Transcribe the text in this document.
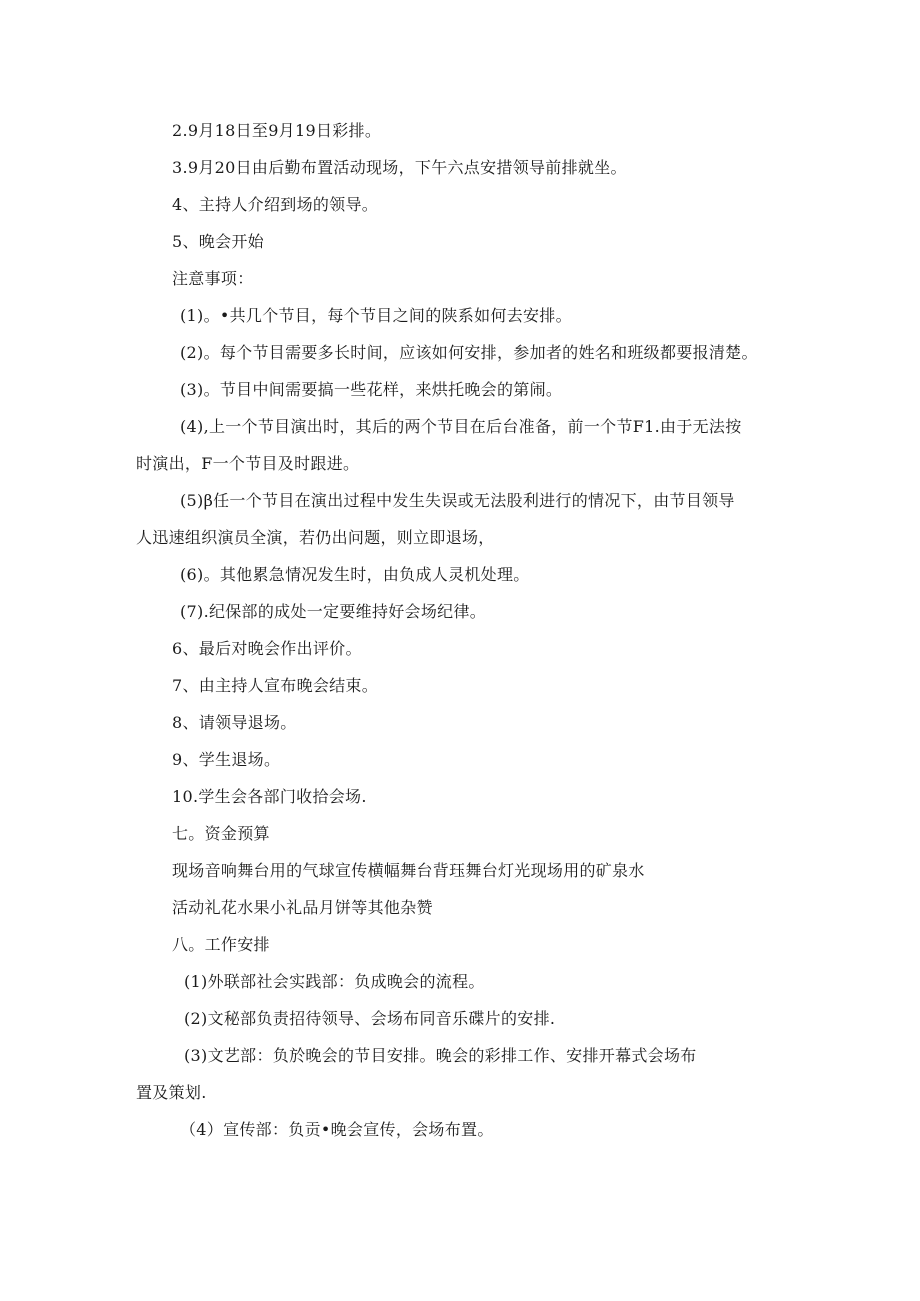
2.9月18日至9月19日彩排。
3.9月20日由后勤布置活动现场，下午六点安措领导前排就坐。
4、主持人介绍到场的领导。
5、晚会开始
注意事项：
(1)。•共几个节目，每个节目之间的陕系如何去安排。
(2)。每个节目需要多长时间，应该如何安排，参加者的姓名和班级都要报清楚。
(3)。节目中间需要搞一些花样，来烘托晚会的第闹。
(4),上一个节目演出时，其后的两个节目在后台准备，前一个节F1.由于无法按
时演出，F一个节目及时跟进。
(5)β任一个节目在演出过程中发生失误或无法股利进行的情况下，由节目领导
人迅速组织演员全演，若仍出问题，则立即退场，
(6)。其他累急情况发生时，由负成人灵机处理。
(7).纪保部的成处一定要维持好会场纪律。
6、最后对晚会作出评价。
7、由主持人宣布晚会结束。
8、请领导退场。
9、学生退场。
10.学生会各部门收拾会场.
七。资金预算
现场音响舞台用的气球宣传横幅舞台背珏舞台灯光现场用的矿泉水
活动礼花水果小礼品月饼等其他杂赞
八。工作安排
(1)外联部社会实践部：负成晚会的流程。
(2)文秘部负责招待领导、会场布同音乐碟片的安排.
(3)文艺部：负於晚会的节目安排。晚会的彩排工作、安排开幕式会场布
置及策划.
（4）宣传部：负贡•晚会宣传，会场布置。
